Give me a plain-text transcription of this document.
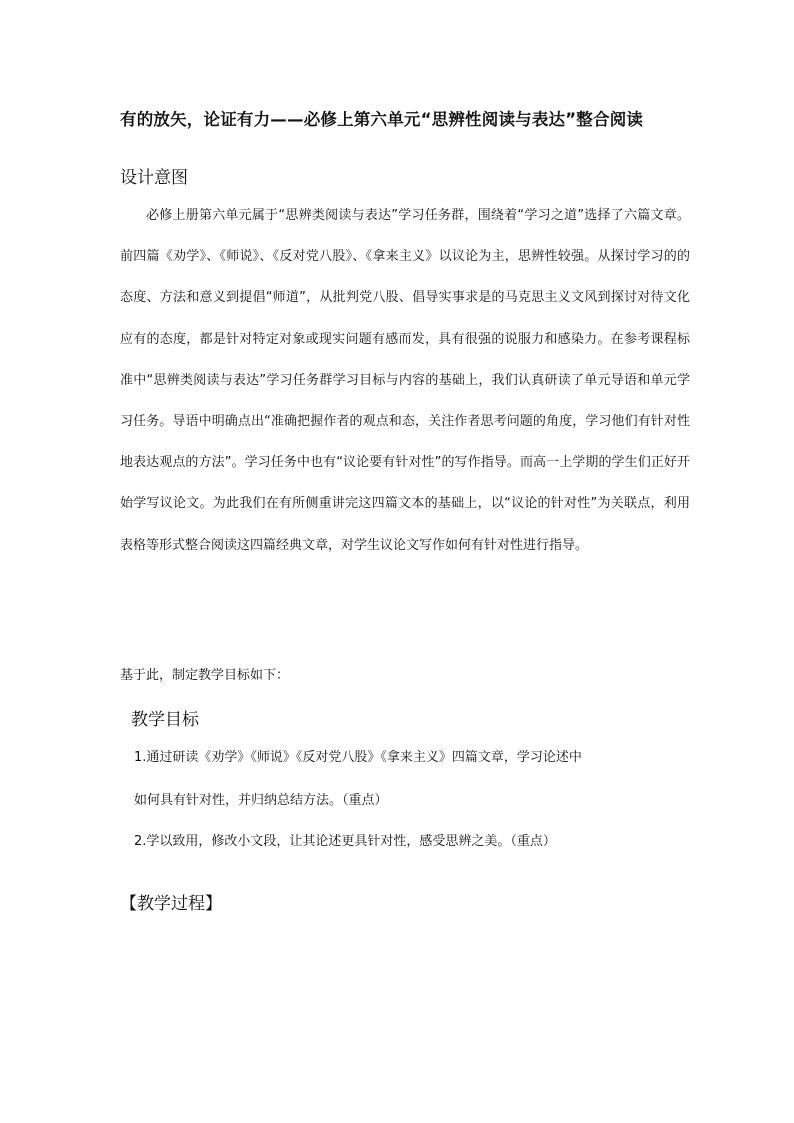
有的放矢，论证有力——必修上第六单元“思辨性阅读与表达”整合阅读
设计意图

必修上册第六单元属于“思辨类阅读与表达”学习任务群，围绕着“学习之道”选择了六篇文章。前四篇《劝学》、《师说》、《反对党八股》、《拿来主义》以议论为主，思辨性较强。从探讨学习的的态度、方法和意义到提倡“师道”，从批判党八股、倡导实事求是的马克思主义文风到探讨对待文化应有的态度，都是针对特定对象或现实问题有感而发，具有很强的说服力和感染力。在参考课程标准中“思辨类阅读与表达”学习任务群学习目标与内容的基础上，我们认真研读了单元导语和单元学习任务。导语中明确点出“准确把握作者的观点和态，关注作者思考问题的角度，学习他们有针对性地表达观点的方法”。学习任务中也有“议论要有针对性”的写作指导。而高一上学期的学生们正好开始学写议论文。为此我们在有所侧重讲完这四篇文本的基础上，以“议论的针对性”为关联点，利用表格等形式整合阅读这四篇经典文章，对学生议论文写作如何有针对性进行指导。

基于此，制定教学目标如下：
教学目标
1.通过研读《劝学》《师说》《反对党八股》《拿来主义》四篇文章，学习论述中
如何具有针对性，并归纳总结方法。（重点）
2.学以致用，修改小文段，让其论述更具针对性，感受思辨之美。（重点）
【教学过程】
